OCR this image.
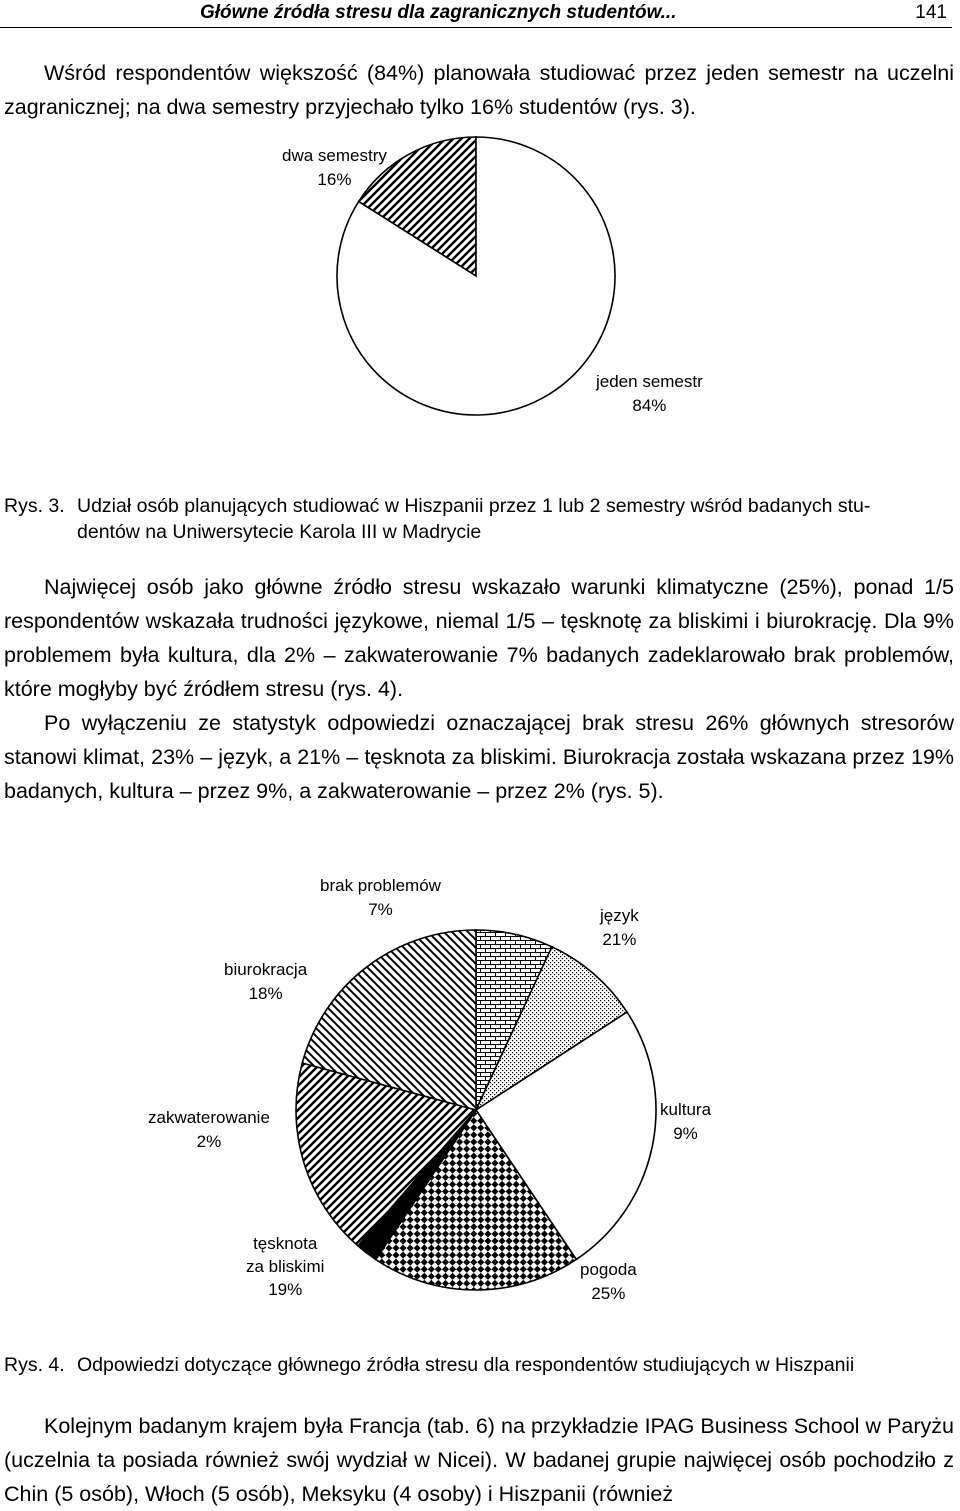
Główne źródła stresu dla zagranicznych studentów...	141

Wśród respondentów większość (84%) planowała studiować przez jeden semestr na uczelni zagranicznej; na dwa semestry przyjechało tylko 16% studentów (rys. 3).

dwa semestry
16%
jeden semestr
84%
Rys. 3. Udział osób planujących studiować w Hiszpanii przez 1 lub 2 semestry wśród badanych stu-
dentów na Uniwersytecie Karola III w Madrycie

Najwięcej osób jako główne źródło stresu wskazało warunki klimatyczne (25%), ponad 1/5 respondentów wskazała trudności językowe, niemal 1/5 – tęsknotę za bliskimi i biurokrację. Dla 9% problemem była kultura, dla 2% – zakwaterowanie 7% badanych zadeklarowało brak problemów, które mogłyby być źródłem stresu (rys. 4).

Po wyłączeniu ze statystyk odpowiedzi oznaczającej brak stresu 26% głównych stresorów stanowi klimat, 23% – język, a 21% – tęsknota za bliskimi. Biurokracja została wskazana przez 19% badanych, kultura – przez 9%, a zakwaterowanie – przez 2% (rys. 5).

brak problemów
7%	język
21%
biurokracja
18%
zakwaterowanie
2%
kultura
9%
tęsknota
za bliskimi
19%
pogoda
25%
Rys. 4. Odpowiedzi dotyczące głównego źródła stresu dla respondentów studiujących w Hiszpanii

Kolejnym badanym krajem była Francja (tab. 6) na przykładzie IPAG Business School w Paryżu (uczelnia ta posiada również swój wydział w Nicei). W badanej grupie najwięcej osób pochodziło z Chin (5 osób), Włoch (5 osób), Meksyku (4 osoby) i Hiszpanii (również
